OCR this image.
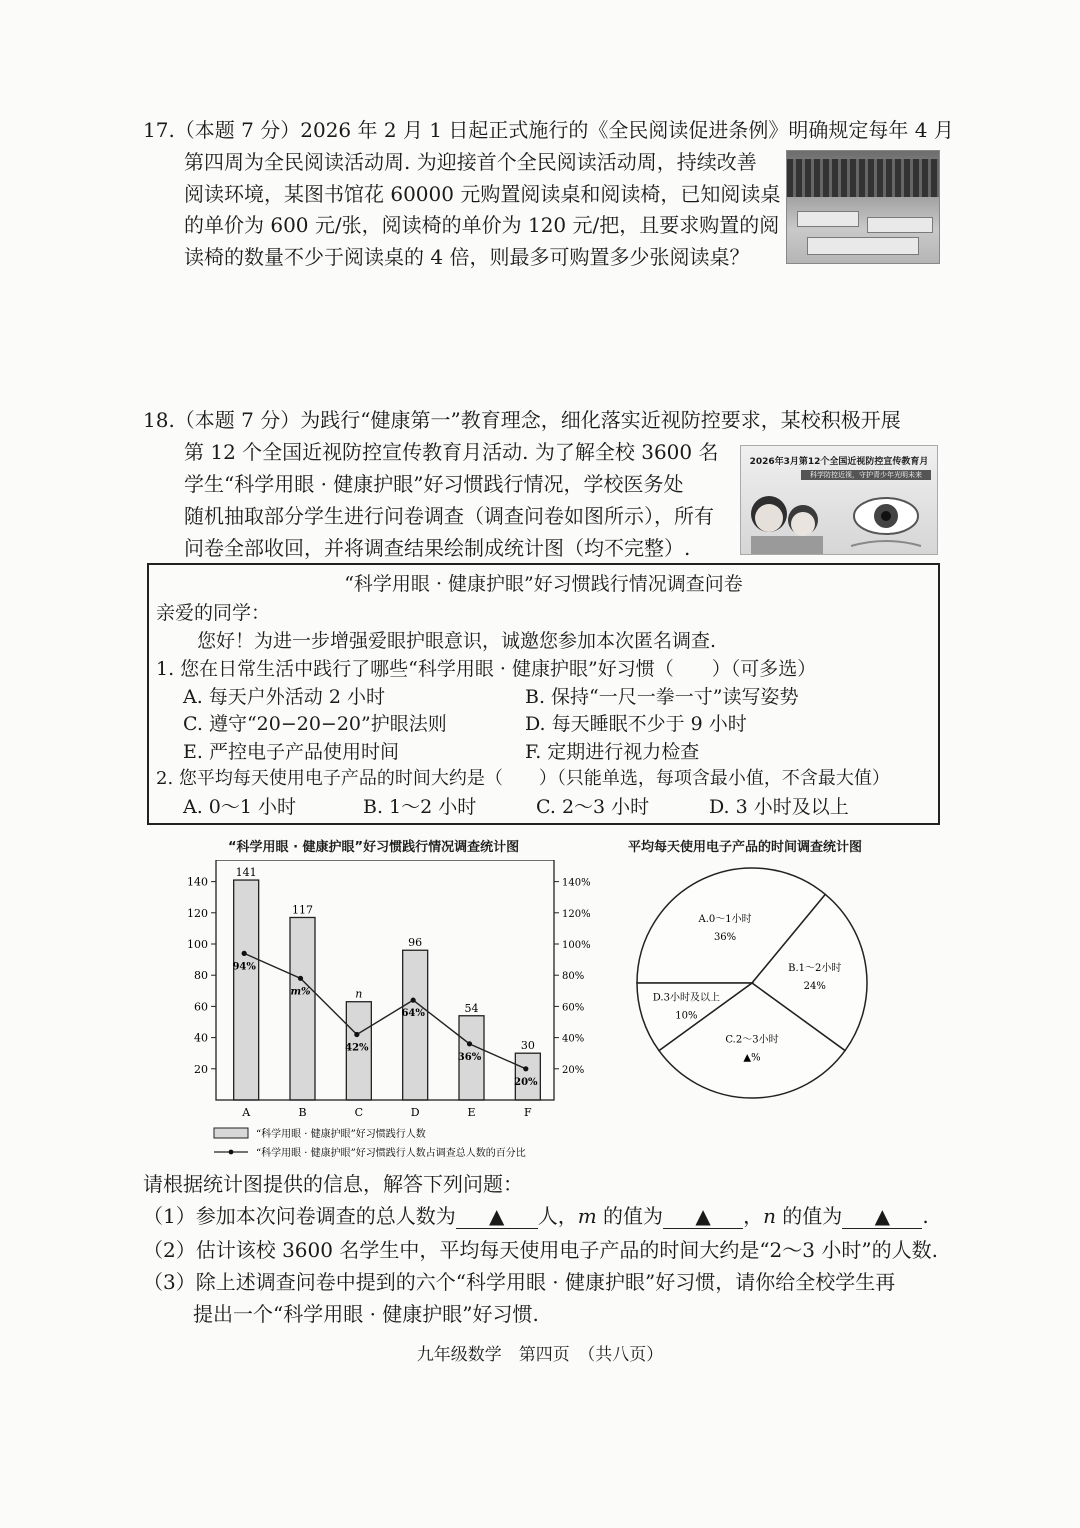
17.（本题 7 分）2026 年 2 月 1 日起正式施行的《全民阅读促进条例》明确规定每年 4 月
第四周为全民阅读活动周. 为迎接首个全民阅读活动周，持续改善
阅读环境，某图书馆花 60000 元购置阅读桌和阅读椅，已知阅读桌
的单价为 600 元/张，阅读椅的单价为 120 元/把，且要求购置的阅
读椅的数量不少于阅读桌的 4 倍，则最多可购置多少张阅读桌？
18.（本题 7 分）为践行“健康第一”教育理念，细化落实近视防控要求，某校积极开展
第 12 个全国近视防控宣传教育月活动. 为了解全校 3600 名
学生“科学用眼 · 健康护眼”好习惯践行情况，学校医务处
随机抽取部分学生进行问卷调查（调查问卷如图所示），所有
问卷全部收回，并将调查结果绘制成统计图（均不完整）.
2026年3月第12个全国近视防控宣传教育月
科学防控近视，守护青少年光明未来
“科学用眼 · 健康护眼”好习惯践行情况调查问卷
亲爱的同学：
您好！为进一步增强爱眼护眼意识，诚邀您参加本次匿名调查.
1. 您在日常生活中践行了哪些“科学用眼 · 健康护眼”好习惯（　　）（可多选）
A. 每天户外活动 2 小时	B. 保持“一尺一拳一寸”读写姿势
C. 遵守“20−20−20”护眼法则	D. 每天睡眠不少于 9 小时
E. 严控电子产品使用时间	F. 定期进行视力检查
2. 您平均每天使用电子产品的时间大约是（　　）（只能单选，每项含最小值，不含最大值）
A. 0～1 小时	B. 1～2 小时	C. 2～3 小时	D. 3 小时及以上
“科学用眼 · 健康护眼”好习惯践行情况调查统计图	平均每天使用电子产品的时间调查统计图
141
117
n
96
54
30
94%
m%
42%
64%
36%
20%
20
40
60
80
100
120
140
20%
40%
60%
80%
100%
120%
140%
A	B	C	D	E	F
“科学用眼 · 健康护眼”好习惯践行人数
“科学用眼 · 健康护眼”好习惯践行人数占调查总人数的百分比
A.0～1小时
36%
B.1～2小时
24%
C.2～3小时
▲%
D.3小时及以上
10%
请根据统计图提供的信息，解答下列问题：
（1）参加本次问卷调查的总人数为 ▲ 人，m 的值为 ▲ ，n 的值为 ▲ .
（2）估计该校 3600 名学生中，平均每天使用电子产品的时间大约是“2～3 小时”的人数.
（3）除上述调查问卷中提到的六个“科学用眼 · 健康护眼”好习惯，请你给全校学生再
提出一个“科学用眼 · 健康护眼”好习惯.
九年级数学　第四页　（共八页）
